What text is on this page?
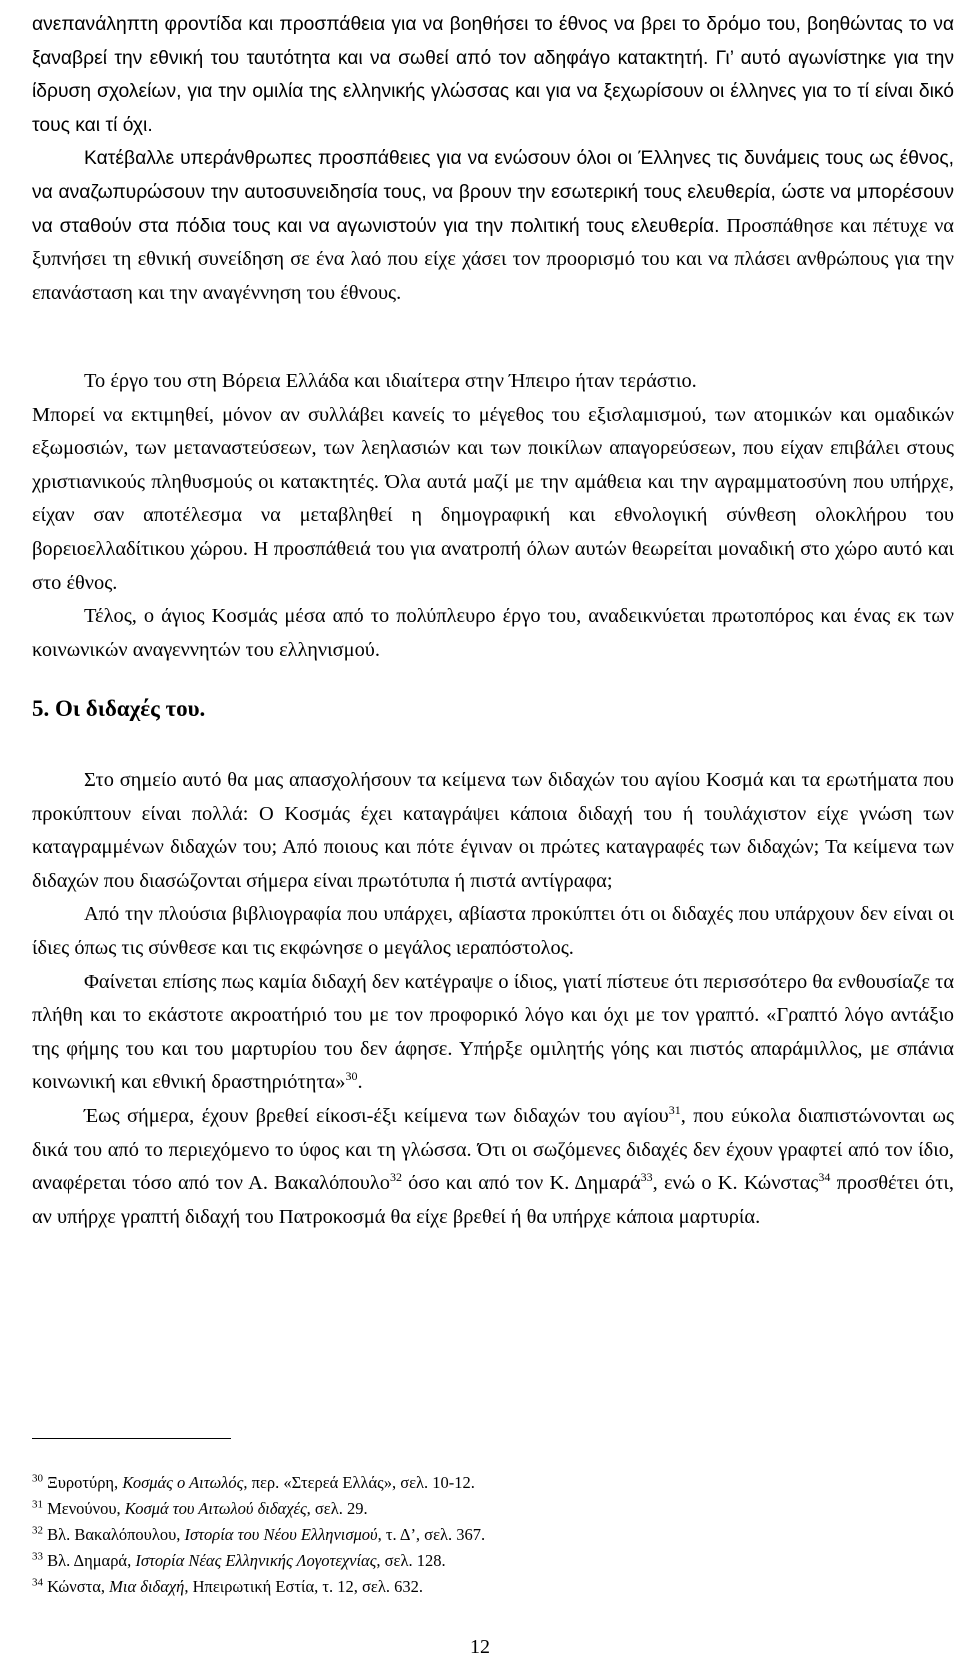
ανεπανάληπτη φροντίδα και προσπάθεια για να βοηθήσει το έθνος να βρει το δρόμο του, βοηθώντας το να ξαναβρεί την εθνική του ταυτότητα και να σωθεί από τον αδηφάγο κατακτητή. Γι’ αυτό αγωνίστηκε για την ίδρυση σχολείων, για την ομιλία της ελληνικής γλώσσας και για να ξεχωρίσουν οι έλληνες για το τί είναι δικό τους και τί όχι.

Κατέβαλλε υπεράνθρωπες προσπάθειες για να ενώσουν όλοι οι Έλληνες τις δυνάμεις τους ως έθνος, να αναζωπυρώσουν την αυτοσυνειδησία τους, να βρουν την εσωτερική τους ελευθερία, ώστε να μπορέσουν να σταθούν στα πόδια τους και να αγωνιστούν για την πολιτική τους ελευθερία. Προσπάθησε και πέτυχε να ξυπνήσει τη εθνική συνείδηση σε ένα λαό που είχε χάσει τον προορισμό του και να πλάσει ανθρώπους για την επανάσταση και την αναγέννηση του έθνους.

Το έργο του στη Βόρεια Ελλάδα και ιδιαίτερα στην Ήπειρο ήταν τεράστιο.

Μπορεί να εκτιμηθεί, μόνον αν συλλάβει κανείς το μέγεθος του εξισλαμισμού, των ατομικών και ομαδικών εξωμοσιών, των μεταναστεύσεων, των λεηλασιών και των ποικίλων απαγορεύσεων, που είχαν επιβάλει στους χριστιανικούς πληθυσμούς οι κατακτητές. Όλα αυτά μαζί με την αμάθεια και την αγραμματοσύνη που υπήρχε, είχαν σαν αποτέλεσμα να μεταβληθεί η δημογραφική και εθνολογική σύνθεση ολοκλήρου του βορειοελλαδίτικου χώρου. Η προσπάθειά του για ανατροπή όλων αυτών θεωρείται μοναδική στο χώρο αυτό και στο έθνος.

Τέλος, ο άγιος Κοσμάς μέσα από το πολύπλευρο έργο του, αναδεικνύεται πρωτοπόρος και ένας εκ των κοινωνικών αναγεννητών του ελληνισμού.

5. Οι διδαχές του.

Στο σημείο αυτό θα μας απασχολήσουν τα κείμενα των διδαχών του αγίου Κοσμά και τα ερωτήματα που προκύπτουν είναι πολλά: Ο Κοσμάς έχει καταγράψει κάποια διδαχή του ή τουλάχιστον είχε γνώση των καταγραμμένων διδαχών του; Από ποιους και πότε έγιναν οι πρώτες καταγραφές των διδαχών; Τα κείμενα των διδαχών που διασώζονται σήμερα είναι πρωτότυπα ή πιστά αντίγραφα;

Από την πλούσια βιβλιογραφία που υπάρχει, αβίαστα προκύπτει ότι οι διδαχές που υπάρχουν δεν είναι οι ίδιες όπως τις σύνθεσε και τις εκφώνησε ο μεγάλος ιεραπόστολος.

Φαίνεται επίσης πως καμία διδαχή δεν κατέγραψε ο ίδιος, γιατί πίστευε ότι περισσότερο θα ενθουσίαζε τα πλήθη και το εκάστοτε ακροατήριό του με τον προφορικό λόγο και όχι με τον γραπτό. «Γραπτό λόγο αντάξιο της φήμης του και του μαρτυρίου του δεν άφησε. Υπήρξε ομιλητής γόης και πιστός απαράμιλλος, με σπάνια κοινωνική και εθνική δραστηριότητα»$^{30}$.

Έως σήμερα, έχουν βρεθεί είκοσι-έξι κείμενα των διδαχών του αγίου$^{31}$, που εύκολα διαπιστώνονται ως δικά του από το περιεχόμενο το ύφος και τη γλώσσα. Ότι οι σωζόμενες διδαχές δεν έχουν γραφτεί από τον ίδιο, αναφέρεται τόσο από τον Α. Βακαλόπουλο$^{32}$ όσο και από τον Κ. Δημαρά$^{33}$, ενώ ο Κ. Κώνστας$^{34}$ προσθέτει ότι, αν υπήρχε γραπτή διδαχή του Πατροκοσμά θα είχε βρεθεί ή θα υπήρχε κάποια μαρτυρία.

$^{30}$ Ξυροτύρη, Κοσμάς ο Αιτωλός, περ. «Στερεά Ελλάς», σελ. 10-12.
$^{31}$ Μενούνου, Κοσμά του Αιτωλού διδαχές, σελ. 29.
$^{32}$ Βλ. Βακαλόπουλου, Ιστορία του Νέου Ελληνισμού, τ. Δ’, σελ. 367.
$^{33}$ Βλ. Δημαρά, Ιστορία Νέας Ελληνικής Λογοτεχνίας, σελ. 128.
$^{34}$ Κώνστα, Μια διδαχή, Ηπειρωτική Εστία, τ. 12, σελ. 632.
12
